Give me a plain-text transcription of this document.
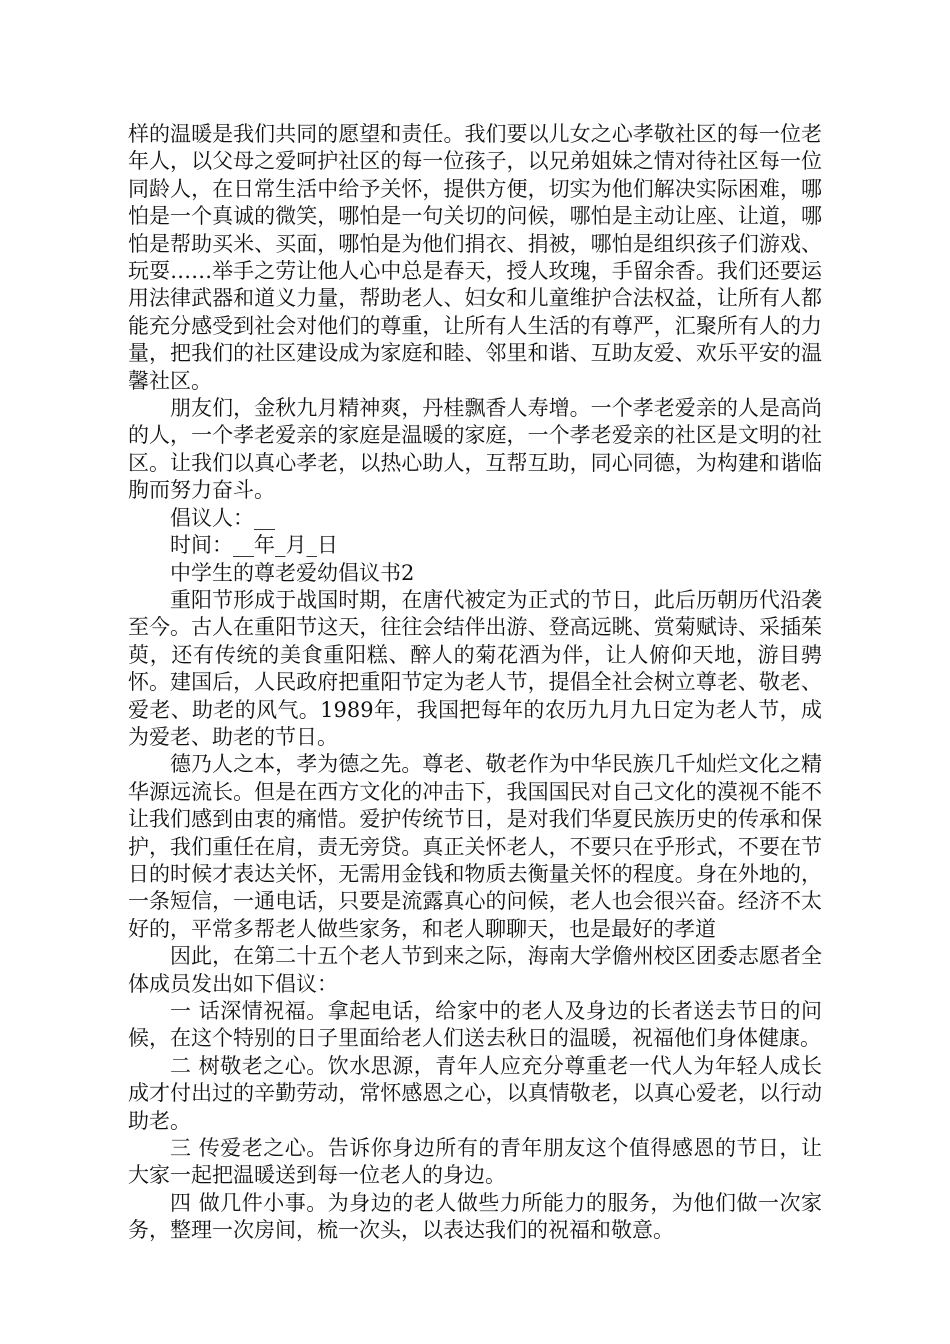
样的温暖是我们共同的愿望和责任。我们要以儿女之心孝敬社区的每一位老年人，以父母之爱呵护社区的每一位孩子，以兄弟姐妹之情对待社区每一位同龄人，在日常生活中给予关怀，提供方便，切实为他们解决实际困难，哪怕是一个真诚的微笑，哪怕是一句关切的问候，哪怕是主动让座、让道，哪怕是帮助买米、买面，哪怕是为他们捐衣、捐被，哪怕是组织孩子们游戏、玩耍……举手之劳让他人心中总是春天，授人玫瑰，手留余香。我们还要运用法律武器和道义力量，帮助老人、妇女和儿童维护合法权益，让所有人都能充分感受到社会对他们的尊重，让所有人生活的有尊严，汇聚所有人的力量，把我们的社区建设成为家庭和睦、邻里和谐、互助友爱、欢乐平安的温馨社区。

朋友们，金秋九月精神爽，丹桂飘香人寿增。一个孝老爱亲的人是高尚的人，一个孝老爱亲的家庭是温暖的家庭，一个孝老爱亲的社区是文明的社区。让我们以真心孝老，以热心助人，互帮互助，同心同德，为构建和谐临朐而努力奋斗。

倡议人：__

时间：__年_月_日

中学生的尊老爱幼倡议书2

重阳节形成于战国时期，在唐代被定为正式的节日，此后历朝历代沿袭至今。古人在重阳节这天，往往会结伴出游、登高远眺、赏菊赋诗、采插茱萸，还有传统的美食重阳糕、醉人的菊花酒为伴，让人俯仰天地，游目骋怀。建国后，人民政府把重阳节定为老人节，提倡全社会树立尊老、敬老、爱老、助老的风气。1989年，我国把每年的农历九月九日定为老人节，成为爱老、助老的节日。

德乃人之本，孝为德之先。尊老、敬老作为中华民族几千灿烂文化之精华源远流长。但是在西方文化的冲击下，我国国民对自己文化的漠视不能不让我们感到由衷的痛惜。爱护传统节日，是对我们华夏民族历史的传承和保护，我们重任在肩，责无旁贷。真正关怀老人，不要只在乎形式，不要在节日的时候才表达关怀，无需用金钱和物质去衡量关怀的程度。身在外地的，一条短信，一通电话，只要是流露真心的问候，老人也会很兴奋。经济不太好的，平常多帮老人做些家务，和老人聊聊天，也是最好的孝道

因此，在第二十五个老人节到来之际，海南大学儋州校区团委志愿者全体成员发出如下倡议：

一 话深情祝福。拿起电话，给家中的老人及身边的长者送去节日的问候，在这个特别的日子里面给老人们送去秋日的温暖，祝福他们身体健康。

二 树敬老之心。饮水思源，青年人应充分尊重老一代人为年轻人成长成才付出过的辛勤劳动，常怀感恩之心，以真情敬老，以真心爱老，以行动助老。

三 传爱老之心。告诉你身边所有的青年朋友这个值得感恩的节日，让大家一起把温暖送到每一位老人的身边。

四 做几件小事。为身边的老人做些力所能力的服务，为他们做一次家务，整理一次房间，梳一次头，以表达我们的祝福和敬意。
